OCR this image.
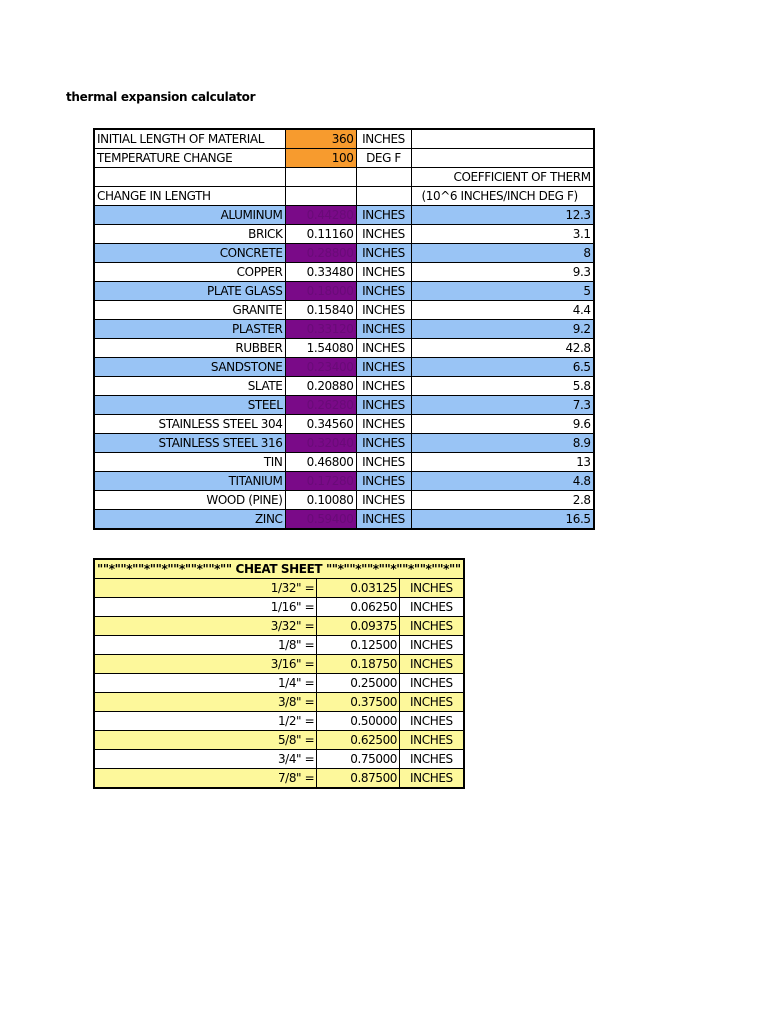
thermal expansion calculator
INITIAL LENGTH OF MATERIAL	360	INCHES	
TEMPERATURE CHANGE	100	DEG F	
			COEFFICIENT OF THERM
CHANGE IN LENGTH			(10^6 INCHES/INCH DEG F)
ALUMINUM	0.44280	INCHES	12.3
BRICK	0.11160	INCHES	3.1
CONCRETE	0.28800	INCHES	8
COPPER	0.33480	INCHES	9.3
PLATE GLASS	0.18000	INCHES	5
GRANITE	0.15840	INCHES	4.4
PLASTER	0.33120	INCHES	9.2
RUBBER	1.54080	INCHES	42.8
SANDSTONE	0.23400	INCHES	6.5
SLATE	0.20880	INCHES	5.8
STEEL	0.26280	INCHES	7.3
STAINLESS STEEL 304	0.34560	INCHES	9.6
STAINLESS STEEL 316	0.32040	INCHES	8.9
TIN	0.46800	INCHES	13
TITANIUM	0.17280	INCHES	4.8
WOOD (PINE)	0.10080	INCHES	2.8
ZINC	0.59400	INCHES	16.5
""*""*""*""*""*""*""*"" CHEAT SHEET ""*""*""*""*""*""*""*""		
1/32" =	0.03125	INCHES
1/16" =	0.06250	INCHES
3/32" =	0.09375	INCHES
1/8" =	0.12500	INCHES
3/16" =	0.18750	INCHES
1/4" =	0.25000	INCHES
3/8" =	0.37500	INCHES
1/2" =	0.50000	INCHES
5/8" =	0.62500	INCHES
3/4" =	0.75000	INCHES
7/8" =	0.87500	INCHES
